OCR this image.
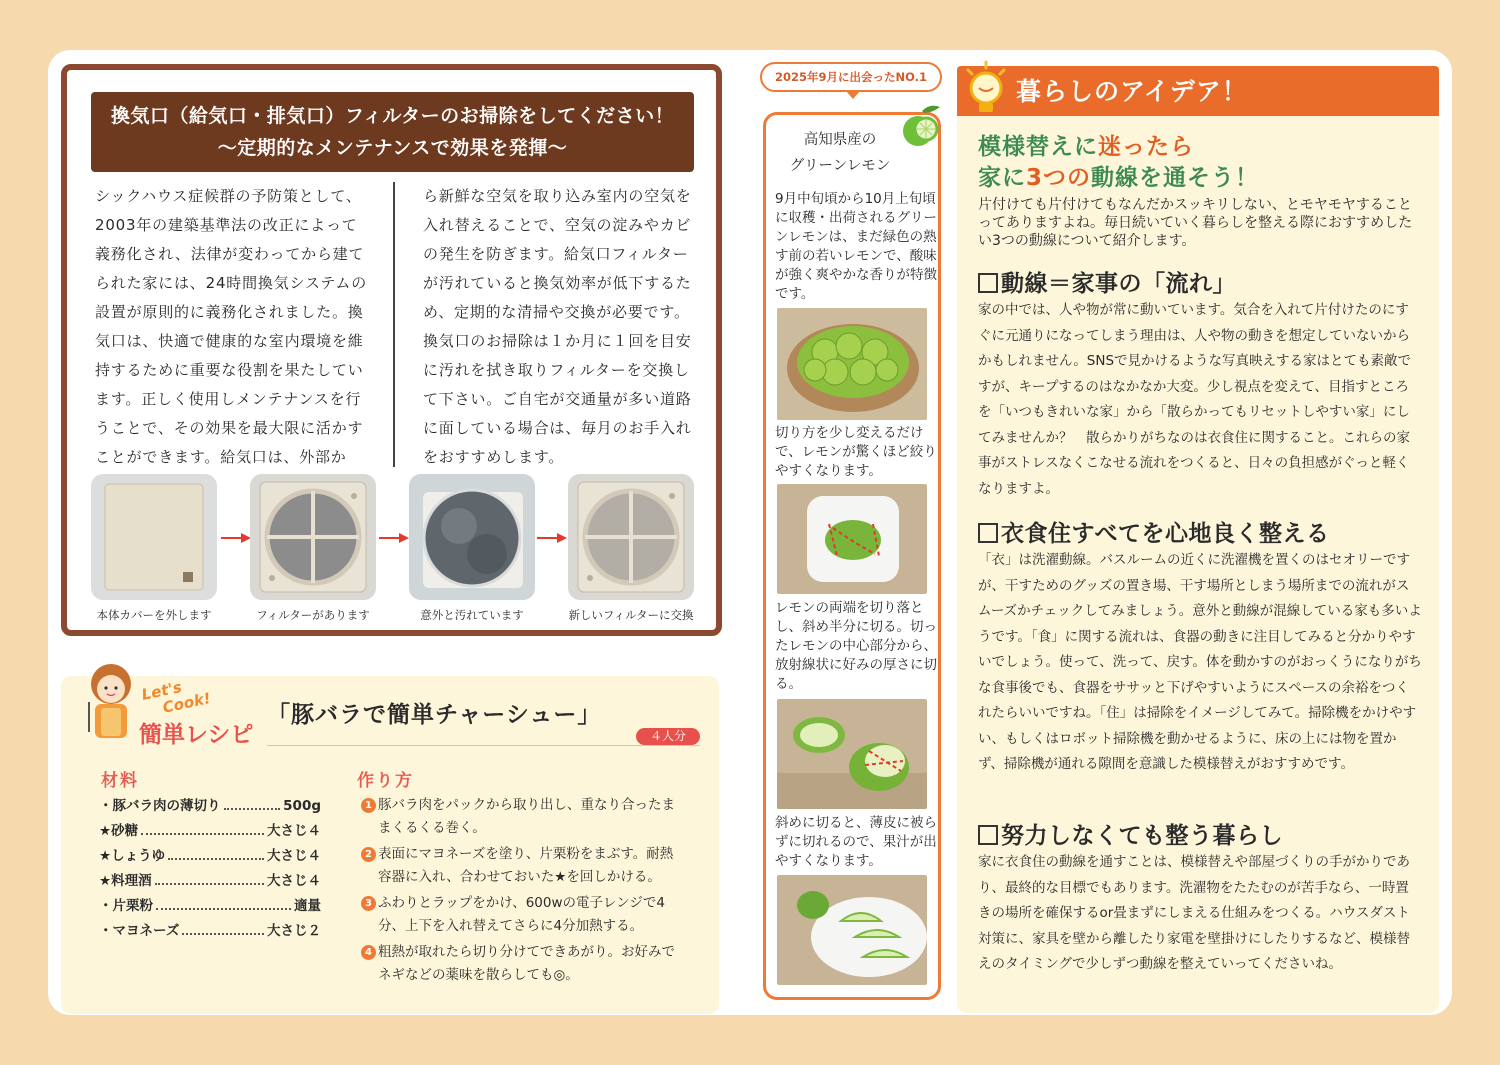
換気口（給気口・排気口）フィルターのお掃除をしてください！
～定期的なメンテナンスで効果を発揮～
シックハウス症候群の予防策として、2003年の建築基準法の改正によって義務化され、法律が変わってから建てられた家には、24時間換気システムの設置が原則的に義務化されました。換気口は、快適で健康的な室内環境を維持するために重要な役割を果たしています。正しく使用しメンテナンスを行うことで、その効果を最大限に活かすことができます。給気口は、外部か
ら新鮮な空気を取り込み室内の空気を入れ替えることで、空気の淀みやカビの発生を防ぎます。給気口フィルターが汚れていると換気効率が低下するため、定期的な清掃や交換が必要です。換気口のお掃除は１か月に１回を目安に汚れを拭き取りフィルターを交換して下さい。ご自宅が交通量が多い道路に面している場合は、毎月のお手入れをおすすめします。
本体カバーを外します	フィルターがあります	意外と汚れています	新しいフィルターに交換
Let's
Cook!
簡単レシピ
「豚バラで簡単チャーシュー」
４人分
材料	作り方
・豚バラ肉の薄切り	500g
★砂糖	大さじ４
★しょうゆ	大さじ４
★料理酒	大さじ４
・片栗粉	適量
・マヨネーズ	大さじ２
1 豚バラ肉をパックから取り出し、重なり合ったままくるくる巻く。
2 表面にマヨネーズを塗り、片栗粉をまぶす。耐熱容器に入れ、合わせておいた★を回しかける。
3 ふわりとラップをかけ、600wの電子レンジで4分、上下を入れ替えてさらに4分加熱する。
4 粗熱が取れたら切り分けてできあがり。お好みでネギなどの薬味を散らしても◎。
2025年9月に出会ったNO.1
高知県産の
グリーンレモン
9月中旬頃から10月上旬頃に収穫・出荷されるグリーンレモンは、まだ緑色の熟す前の若いレモンで、酸味が強く爽やかな香りが特徴です。
切り方を少し変えるだけで、レモンが驚くほど絞りやすくなります。
レモンの両端を切り落とし、斜め半分に切る。切ったレモンの中心部分から、放射線状に好みの厚さに切る。
斜めに切ると、薄皮に被らずに切れるので、果汁が出やすくなります。
暮らしのアイデア！
模様替えに迷ったら
家に3つの動線を通そう！
片付けても片付けてもなんだかスッキリしない、とモヤモヤすることってありますよね。毎日続いていく暮らしを整える際におすすめしたい3つの動線について紹介します。
動線＝家事の「流れ」
家の中では、人や物が常に動いています。気合を入れて片付けたのにすぐに元通りになってしまう理由は、人や物の動きを想定していないからかもしれません。SNSで見かけるような写真映えする家はとても素敵ですが、キープするのはなかなか大変。少し視点を変えて、目指すところを「いつもきれいな家」から「散らかってもリセットしやすい家」にしてみませんか？　散らかりがちなのは衣食住に関すること。これらの家事がストレスなくこなせる流れをつくると、日々の負担感がぐっと軽くなりますよ。
衣食住すべてを心地良く整える
「衣」は洗濯動線。バスルームの近くに洗濯機を置くのはセオリーですが、干すためのグッズの置き場、干す場所としまう場所までの流れがスムーズかチェックしてみましょう。意外と動線が混線している家も多いようです。「食」に関する流れは、食器の動きに注目してみると分かりやすいでしょう。使って、洗って、戻す。体を動かすのがおっくうになりがちな食事後でも、食器をササッと下げやすいようにスペースの余裕をつくれたらいいですね。「住」は掃除をイメージしてみて。掃除機をかけやすい、もしくはロボット掃除機を動かせるように、床の上には物を置かず、掃除機が通れる隙間を意識した模様替えがおすすめです。
努力しなくても整う暮らし
家に衣食住の動線を通すことは、模様替えや部屋づくりの手がかりであり、最終的な目標でもあります。洗濯物をたたむのが苦手なら、一時置きの場所を確保するor畳まずにしまえる仕組みをつくる。ハウスダスト対策に、家具を壁から離したり家電を壁掛けにしたりするなど、模様替えのタイミングで少しずつ動線を整えていってくださいね。
